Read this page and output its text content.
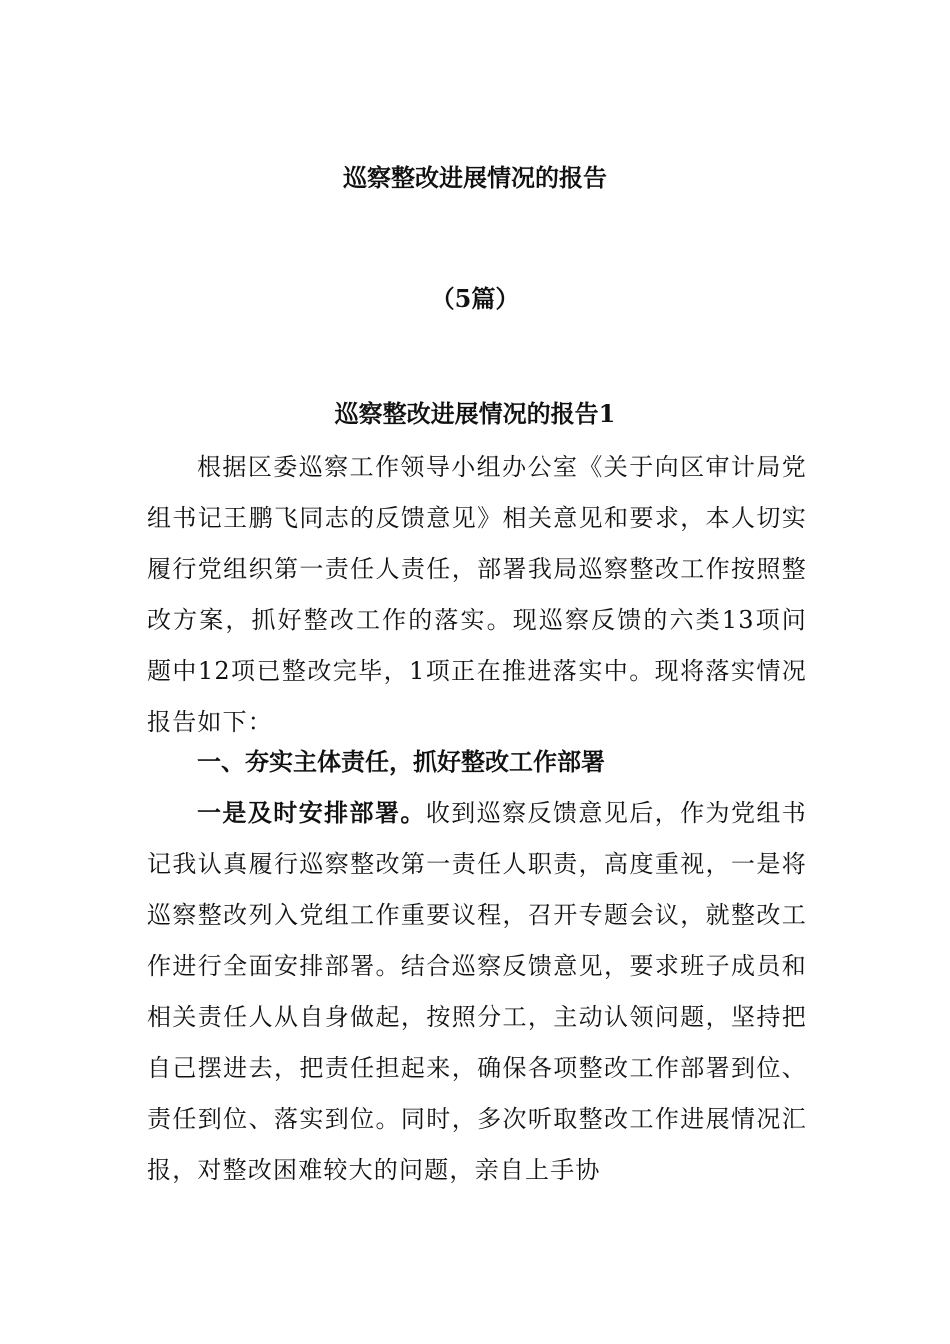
巡察整改进展情况的报告
（5篇）
巡察整改进展情况的报告1

根据区委巡察工作领导小组办公室《关于向区审计局党组书记王鹏飞同志的反馈意见》相关意见和要求，本人切实履行党组织第一责任人责任，部署我局巡察整改工作按照整改方案，抓好整改工作的落实。现巡察反馈的六类13项问题中12项已整改完毕，1项正在推进落实中。现将落实情况报告如下：

一、夯实主体责任，抓好整改工作部署

一是及时安排部署。收到巡察反馈意见后，作为党组书记我认真履行巡察整改第一责任人职责，高度重视，一是将巡察整改列入党组工作重要议程，召开专题会议，就整改工作进行全面安排部署。结合巡察反馈意见，要求班子成员和相关责任人从自身做起，按照分工，主动认领问题，坚持把自己摆进去，把责任担起来，确保各项整改工作部署到位、责任到位、落实到位。同时，多次听取整改工作进展情况汇报，对整改困难较大的问题，亲自上手协
